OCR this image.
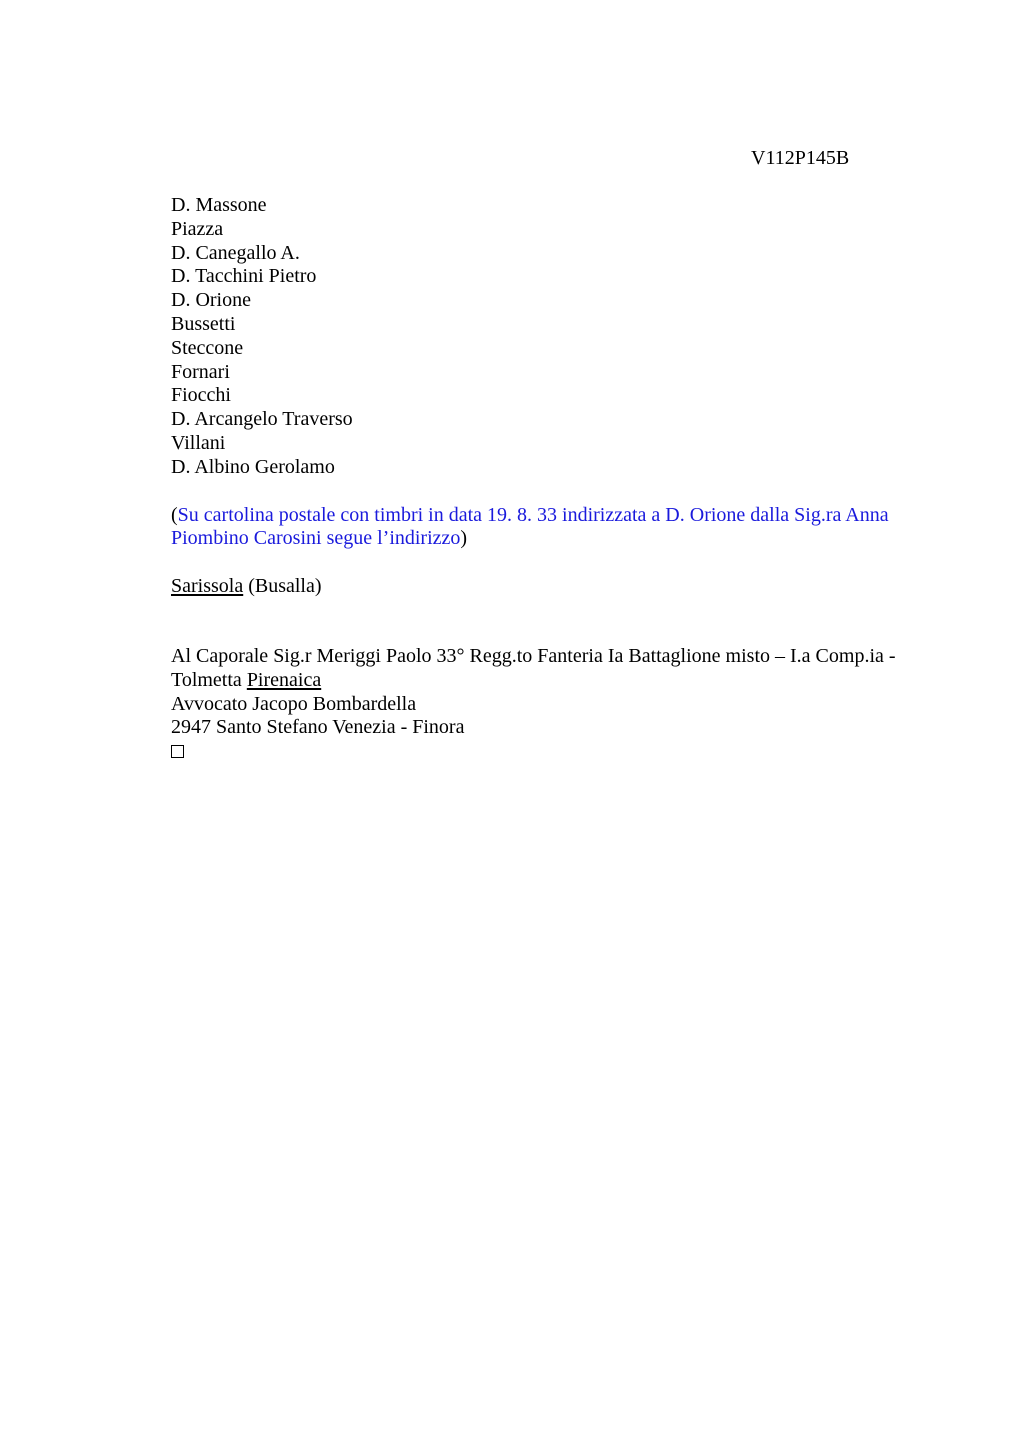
V112P145B
D. Massone
Piazza
D. Canegallo A.
D. Tacchini Pietro
D. Orione
Bussetti
Steccone
Fornari
Fiocchi
D. Arcangelo Traverso
Villani
D. Albino Gerolamo
(Su cartolina postale con timbri in data 19. 8. 33 indirizzata a D. Orione dalla Sig.ra Anna Piombino Carosini segue l’indirizzo)
Sarissola (Busalla)
Al Caporale Sig.r Meriggi Paolo 33° Regg.to Fanteria Ia Battaglione misto – I.a Comp.ia -
Tolmetta Pirenaica
Avvocato Jacopo Bombardella
2947 Santo Stefano Venezia - Finora
